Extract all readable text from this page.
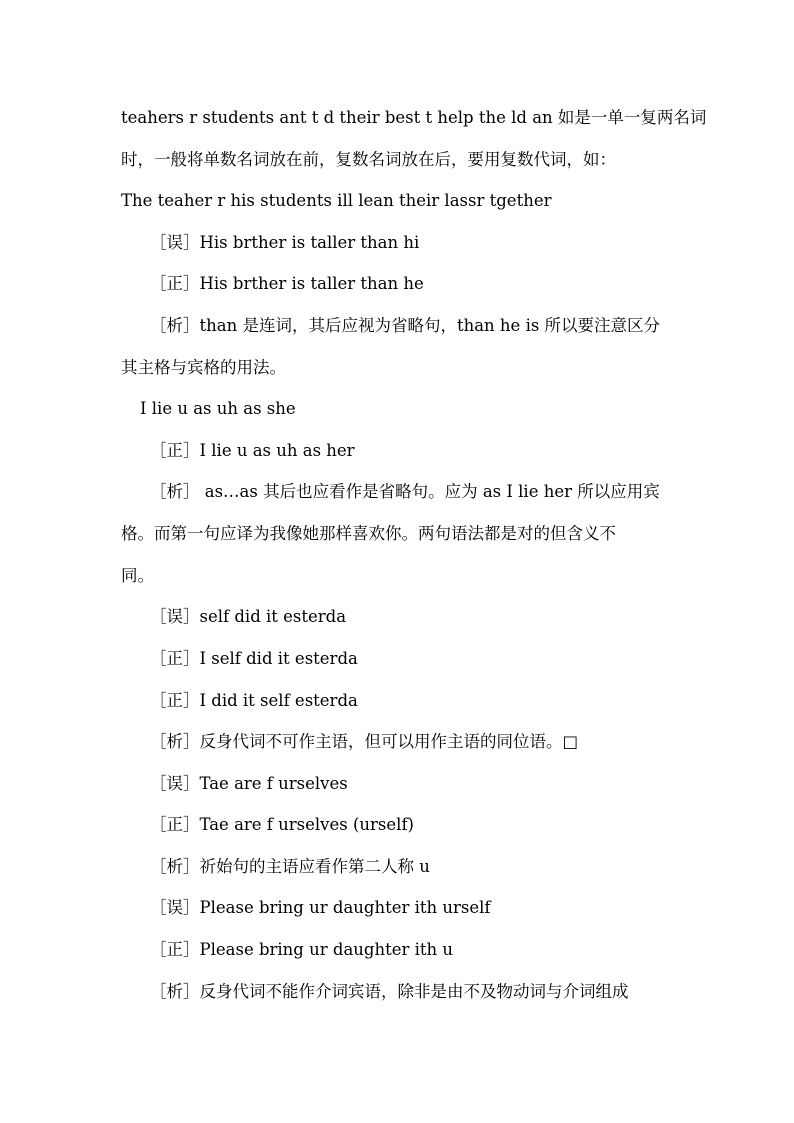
teahers r students ant t d their best t help the ld an 如是一单一复两名词
时，一般将单数名词放在前，复数名词放在后，要用复数代词，如：
The teaher r his students ill lean their lassr tgether
［误］His brther is taller than hi
［正］His brther is taller than he
［析］than 是连词，其后应视为省略句，than he is 所以要注意区分
其主格与宾格的用法。
I lie u as uh as she
［正］I lie u as uh as her
［析］ as…as 其后也应看作是省略句。应为 as I lie her 所以应用宾
格。而第一句应译为我像她那样喜欢你。两句语法都是对的但含义不
同。
［误］self did it esterda
［正］I self did it esterda
［正］I did it self esterda
［析］反身代词不可作主语，但可以用作主语的同位语。□
［误］Tae are f urselves
［正］Tae are f urselves (urself)
［析］祈始句的主语应看作第二人称 u
［误］Please bring ur daughter ith urself
［正］Please bring ur daughter ith u
［析］反身代词不能作介词宾语，除非是由不及物动词与介词组成
